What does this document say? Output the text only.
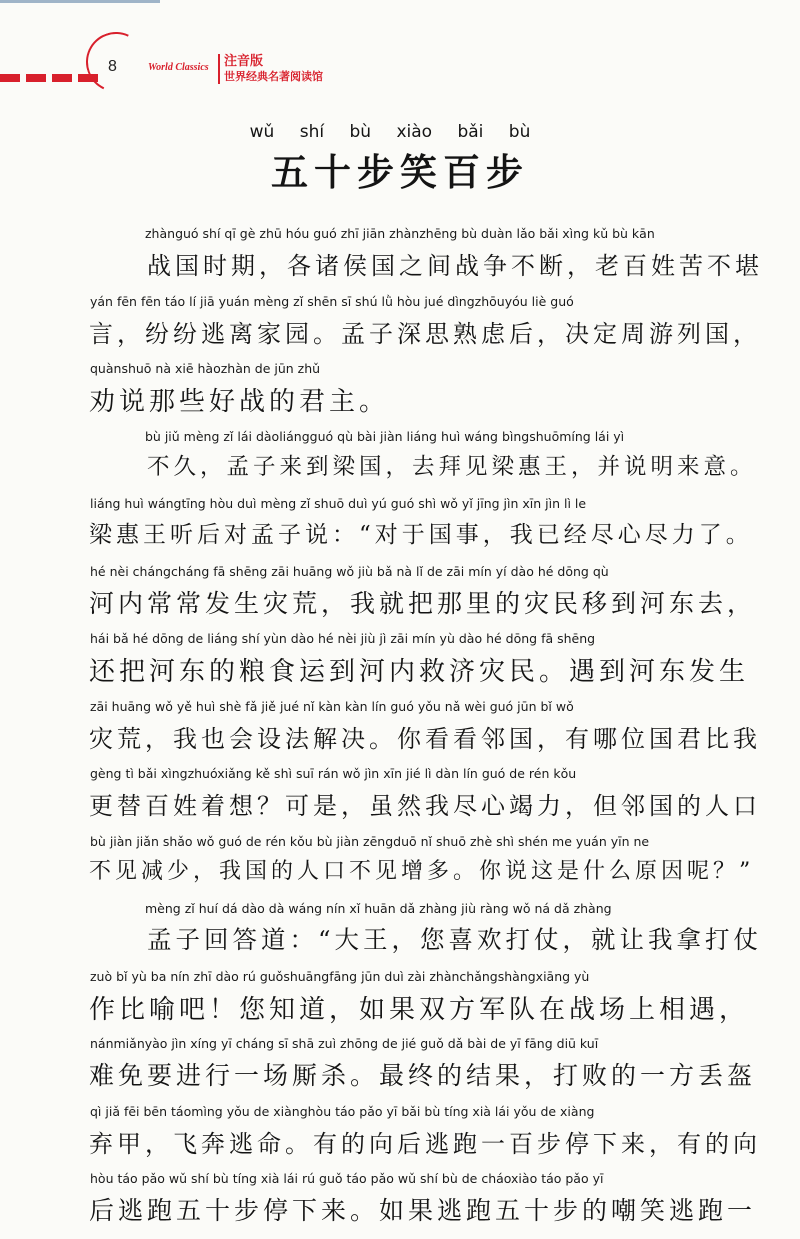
8	World Classics 注音版
世界经典名著阅读馆
wǔ shí bù xiào bǎi bù
五十步笑百步
zhànguó shí qī gè zhū hóu guó zhī jiān zhànzhēng bù duàn lǎo bǎi xìng kǔ bù kān
战国时期，各诸侯国之间战争不断，老百姓苦不堪
yán fēn fēn táo lí jiā yuán mèng zǐ shēn sī shú lǜ hòu jué dìngzhōuyóu liè guó
言，纷纷逃离家园。孟子深思熟虑后，决定周游列国，
quànshuō nà xiē hàozhàn de jūn zhǔ
劝说那些好战的君主。
bù jiǔ mèng zǐ lái dàoliángguó qù bài jiàn liáng huì wáng bìngshuōmíng lái yì
不久，孟子来到梁国，去拜见梁惠王，并说明来意。
liáng huì wángtīng hòu duì mèng zǐ shuō duì yú guó shì wǒ yǐ jīng jìn xīn jìn lì le
梁惠王听后对孟子说：“对于国事，我已经尽心尽力了。
hé nèi chángcháng fā shēng zāi huāng wǒ jiù bǎ nà lǐ de zāi mín yí dào hé dōng qù
河内常常发生灾荒，我就把那里的灾民移到河东去，
hái bǎ hé dōng de liáng shí yùn dào hé nèi jiù jì zāi mín yù dào hé dōng fā shēng
还把河东的粮食运到河内救济灾民。遇到河东发生
zāi huāng wǒ yě huì shè fǎ jiě jué nǐ kàn kàn lín guó yǒu nǎ wèi guó jūn bǐ wǒ
灾荒，我也会设法解决。你看看邻国，有哪位国君比我
gèng tì bǎi xìngzhuóxiǎng kě shì suī rán wǒ jìn xīn jié lì dàn lín guó de rén kǒu
更替百姓着想？可是，虽然我尽心竭力，但邻国的人口
bù jiàn jiǎn shǎo wǒ guó de rén kǒu bù jiàn zēngduō nǐ shuō zhè shì shén me yuán yīn ne
不见减少，我国的人口不见增多。你说这是什么原因呢？”
mèng zǐ huí dá dào dà wáng nín xǐ huān dǎ zhàng jiù ràng wǒ ná dǎ zhàng
孟子回答道：“大王，您喜欢打仗，就让我拿打仗
zuò bǐ yù ba nín zhī dào rú guǒshuāngfāng jūn duì zài zhànchǎngshàngxiāng yù
作比喻吧！您知道，如果双方军队在战场上相遇，
nánmiǎnyào jìn xíng yī cháng sī shā zuì zhōng de jié guǒ dǎ bài de yī fāng diū kuī
难免要进行一场厮杀。最终的结果，打败的一方丢盔
qì jiǎ fēi bēn táomìng yǒu de xiànghòu táo pǎo yī bǎi bù tíng xià lái yǒu de xiàng
弃甲，飞奔逃命。有的向后逃跑一百步停下来，有的向
hòu táo pǎo wǔ shí bù tíng xià lái rú guǒ táo pǎo wǔ shí bù de cháoxiào táo pǎo yī
后逃跑五十步停下来。如果逃跑五十步的嘲笑逃跑一
